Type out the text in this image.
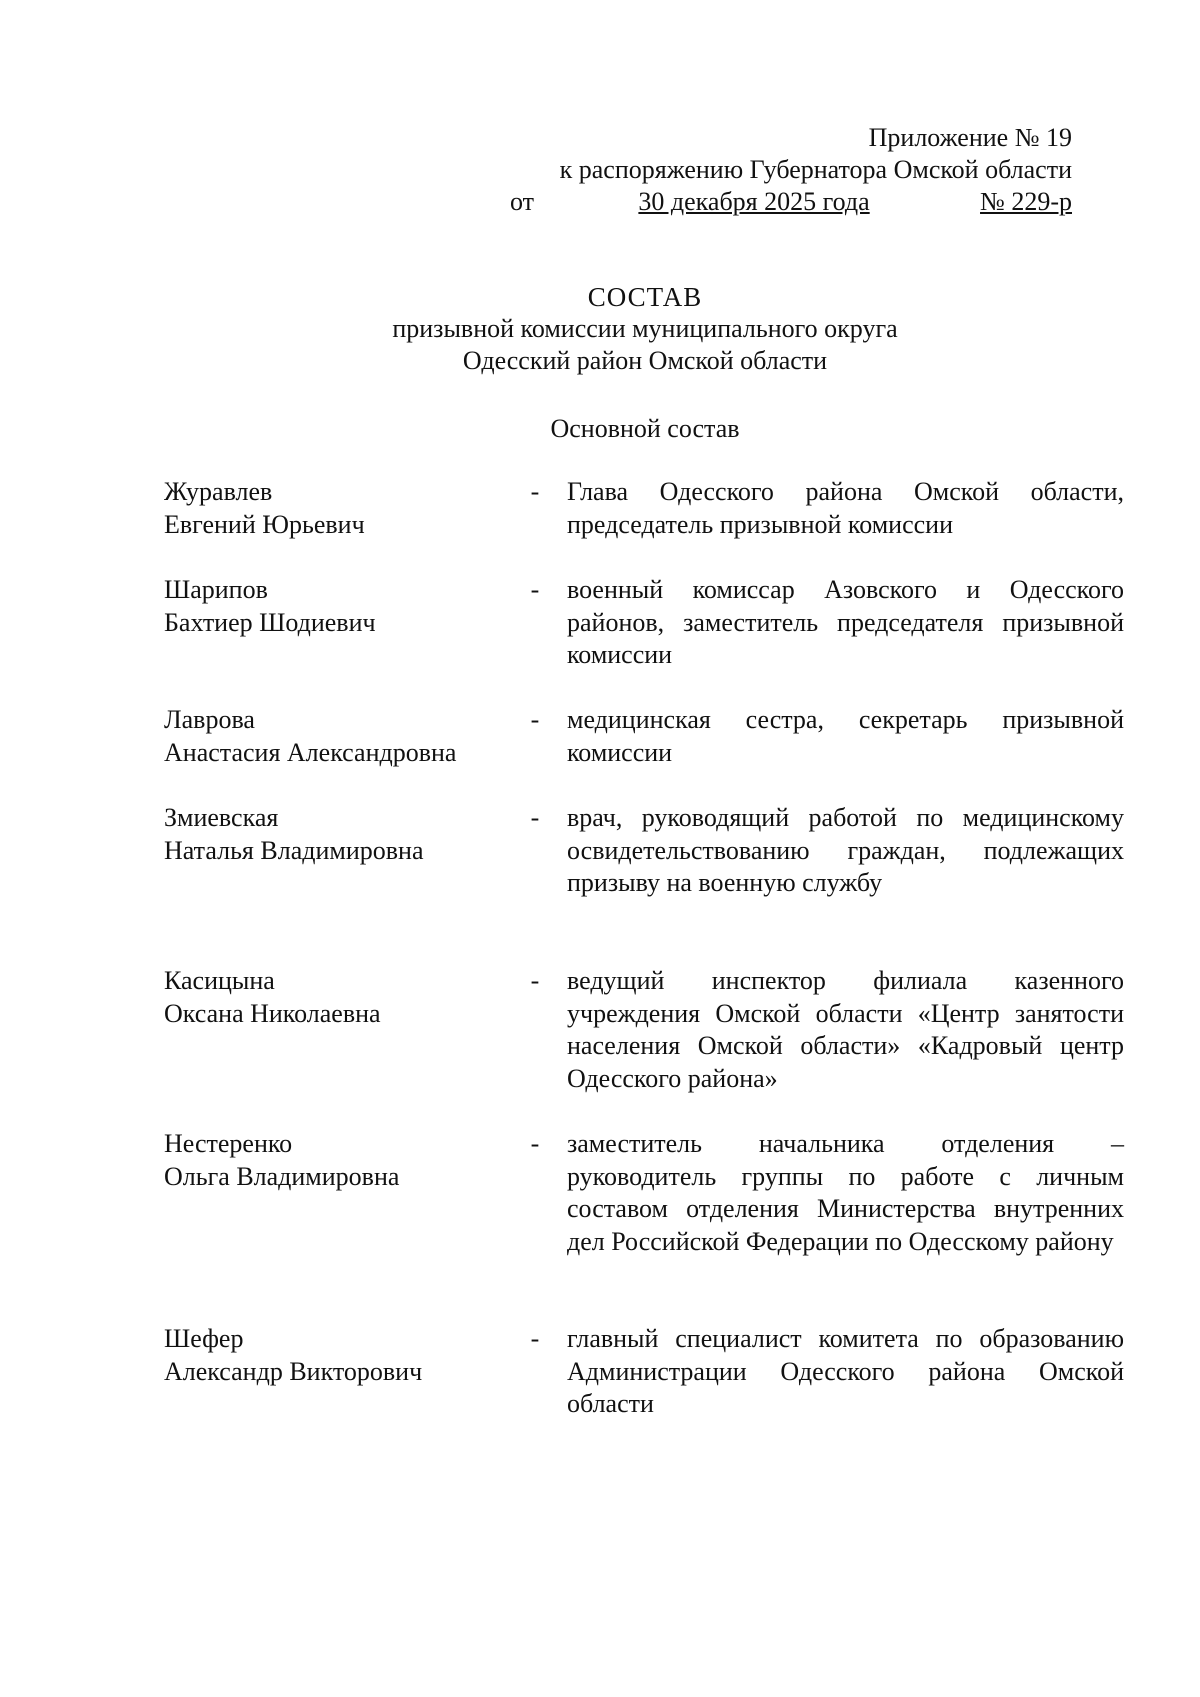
Приложение № 19
к распоряжению Губернатора Омской области
от	30 декабря 2025 года	№ 229-р
СОСТАВ
призывной комиссии муниципального округа
Одесский район Омской области
Основной состав
Журавлев
Евгений Юрьевич
- Глава Одесского района Омской области, председатель призывной комиссии
Шарипов
Бахтиер Шодиевич
- военный комиссар Азовского и Одесского районов, заместитель председателя призывной комиссии
Лаврова
Анастасия Александровна
- медицинская сестра, секретарь призывной комиссии
Змиевская
Наталья Владимировна
- врач, руководящий работой по медицинскому освидетельствованию граждан, подлежащих призыву на военную службу
Касицына
Оксана Николаевна
- ведущий инспектор филиала казенного учреждения Омской области «Центр занятости населения Омской области» «Кадровый центр Одесского района»
Нестеренко
Ольга Владимировна
- заместитель начальника отделения – руководитель группы по работе с личным составом отделения Министерства внутренних дел Российской Федерации по Одесскому району
Шефер
Александр Викторович
- главный специалист комитета по образованию Администрации Одесского района Омской области
